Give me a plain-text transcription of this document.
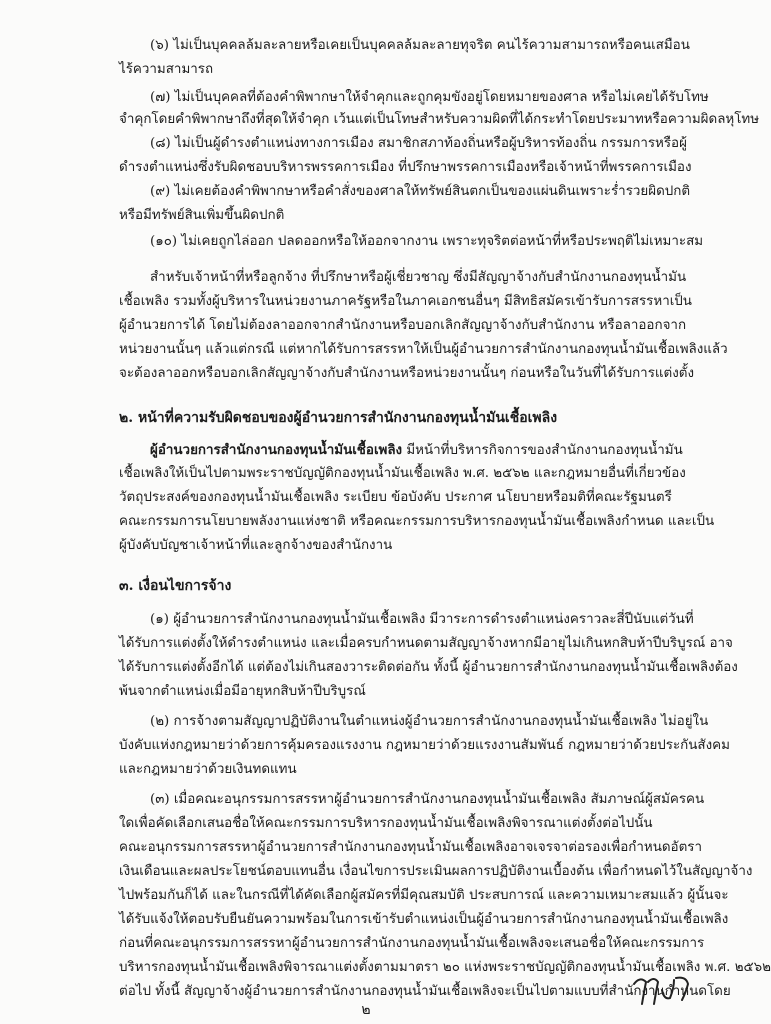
(๖) ไม่เป็นบุคคลล้มละลายหรือเคยเป็นบุคคลล้มละลายทุจริต คนไร้ความสามารถหรือคนเสมือน

ไร้ความสามารถ

(๗) ไม่เป็นบุคคลที่ต้องคำพิพากษาให้จำคุกและถูกคุมขังอยู่โดยหมายของศาล หรือไม่เคยได้รับโทษ

จำคุกโดยคำพิพากษาถึงที่สุดให้จำคุก เว้นแต่เป็นโทษสำหรับความผิดที่ได้กระทำโดยประมาทหรือความผิดลหุโทษ

(๘) ไม่เป็นผู้ดำรงตำแหน่งทางการเมือง สมาชิกสภาท้องถิ่นหรือผู้บริหารท้องถิ่น กรรมการหรือผู้

ดำรงตำแหน่งซึ่งรับผิดชอบบริหารพรรคการเมือง ที่ปรึกษาพรรคการเมืองหรือเจ้าหน้าที่พรรคการเมือง

(๙) ไม่เคยต้องคำพิพากษาหรือคำสั่งของศาลให้ทรัพย์สินตกเป็นของแผ่นดินเพราะร่ำรวยผิดปกติ

หรือมีทรัพย์สินเพิ่มขึ้นผิดปกติ

(๑๐) ไม่เคยถูกไล่ออก ปลดออกหรือให้ออกจากงาน เพราะทุจริตต่อหน้าที่หรือประพฤติไม่เหมาะสม

สำหรับเจ้าหน้าที่หรือลูกจ้าง ที่ปรึกษาหรือผู้เชี่ยวชาญ ซึ่งมีสัญญาจ้างกับสำนักงานกองทุนน้ำมัน

เชื้อเพลิง รวมทั้งผู้บริหารในหน่วยงานภาครัฐหรือในภาคเอกชนอื่นๆ มีสิทธิสมัครเข้ารับการสรรหาเป็น

ผู้อำนวยการได้ โดยไม่ต้องลาออกจากสำนักงานหรือบอกเลิกสัญญาจ้างกับสำนักงาน หรือลาออกจาก

หน่วยงานนั้นๆ แล้วแต่กรณี แต่หากได้รับการสรรหาให้เป็นผู้อำนวยการสำนักงานกองทุนน้ำมันเชื้อเพลิงแล้ว

จะต้องลาออกหรือบอกเลิกสัญญาจ้างกับสำนักงานหรือหน่วยงานนั้นๆ ก่อนหรือในวันที่ได้รับการแต่งตั้ง

๒. หน้าที่ความรับผิดชอบของผู้อำนวยการสำนักงานกองทุนน้ำมันเชื้อเพลิง

ผู้อำนวยการสำนักงานกองทุนน้ำมันเชื้อเพลิง มีหน้าที่บริหารกิจการของสำนักงานกองทุนน้ำมัน

เชื้อเพลิงให้เป็นไปตามพระราชบัญญัติกองทุนน้ำมันเชื้อเพลิง พ.ศ. ๒๕๖๒ และกฎหมายอื่นที่เกี่ยวข้อง

วัตถุประสงค์ของกองทุนน้ำมันเชื้อเพลิง ระเบียบ ข้อบังคับ ประกาศ นโยบายหรือมติที่คณะรัฐมนตรี

คณะกรรมการนโยบายพลังงานแห่งชาติ หรือคณะกรรมการบริหารกองทุนน้ำมันเชื้อเพลิงกำหนด และเป็น

ผู้บังคับบัญชาเจ้าหน้าที่และลูกจ้างของสำนักงาน

๓. เงื่อนไขการจ้าง

(๑) ผู้อำนวยการสำนักงานกองทุนน้ำมันเชื้อเพลิง มีวาระการดำรงตำแหน่งคราวละสี่ปีนับแต่วันที่

ได้รับการแต่งตั้งให้ดำรงตำแหน่ง และเมื่อครบกำหนดตามสัญญาจ้างหากมีอายุไม่เกินหกสิบห้าปีบริบูรณ์ อาจ

ได้รับการแต่งตั้งอีกได้ แต่ต้องไม่เกินสองวาระติดต่อกัน ทั้งนี้ ผู้อำนวยการสำนักงานกองทุนน้ำมันเชื้อเพลิงต้อง

พ้นจากตำแหน่งเมื่อมีอายุหกสิบห้าปีบริบูรณ์

(๒) การจ้างตามสัญญาปฏิบัติงานในตำแหน่งผู้อำนวยการสำนักงานกองทุนน้ำมันเชื้อเพลิง ไม่อยู่ใน

บังคับแห่งกฎหมายว่าด้วยการคุ้มครองแรงงาน กฎหมายว่าด้วยแรงงานสัมพันธ์ กฎหมายว่าด้วยประกันสังคม

และกฎหมายว่าด้วยเงินทดแทน

(๓) เมื่อคณะอนุกรรมการสรรหาผู้อำนวยการสำนักงานกองทุนน้ำมันเชื้อเพลิง สัมภาษณ์ผู้สมัครคน

ใดเพื่อคัดเลือกเสนอชื่อให้คณะกรรมการบริหารกองทุนน้ำมันเชื้อเพลิงพิจารณาแต่งตั้งต่อไปนั้น

คณะอนุกรรมการสรรหาผู้อำนวยการสำนักงานกองทุนน้ำมันเชื้อเพลิงอาจเจรจาต่อรองเพื่อกำหนดอัตรา

เงินเดือนและผลประโยชน์ตอบแทนอื่น เงื่อนไขการประเมินผลการปฏิบัติงานเบื้องต้น เพื่อกำหนดไว้ในสัญญาจ้าง

ไปพร้อมกันก็ได้ และในกรณีที่ได้คัดเลือกผู้สมัครที่มีคุณสมบัติ ประสบการณ์ และความเหมาะสมแล้ว ผู้นั้นจะ

ได้รับแจ้งให้ตอบรับยืนยันความพร้อมในการเข้ารับตำแหน่งเป็นผู้อำนวยการสำนักงานกองทุนน้ำมันเชื้อเพลิง

ก่อนที่คณะอนุกรรมการสรรหาผู้อำนวยการสำนักงานกองทุนน้ำมันเชื้อเพลิงจะเสนอชื่อให้คณะกรรมการ

บริหารกองทุนน้ำมันเชื้อเพลิงพิจารณาแต่งตั้งตามมาตรา ๒๐ แห่งพระราชบัญญัติกองทุนน้ำมันเชื้อเพลิง พ.ศ. ๒๕๖๒

ต่อไป ทั้งนี้ สัญญาจ้างผู้อำนวยการสำนักงานกองทุนน้ำมันเชื้อเพลิงจะเป็นไปตามแบบที่สำนักงานกำหนดโดย

๒
